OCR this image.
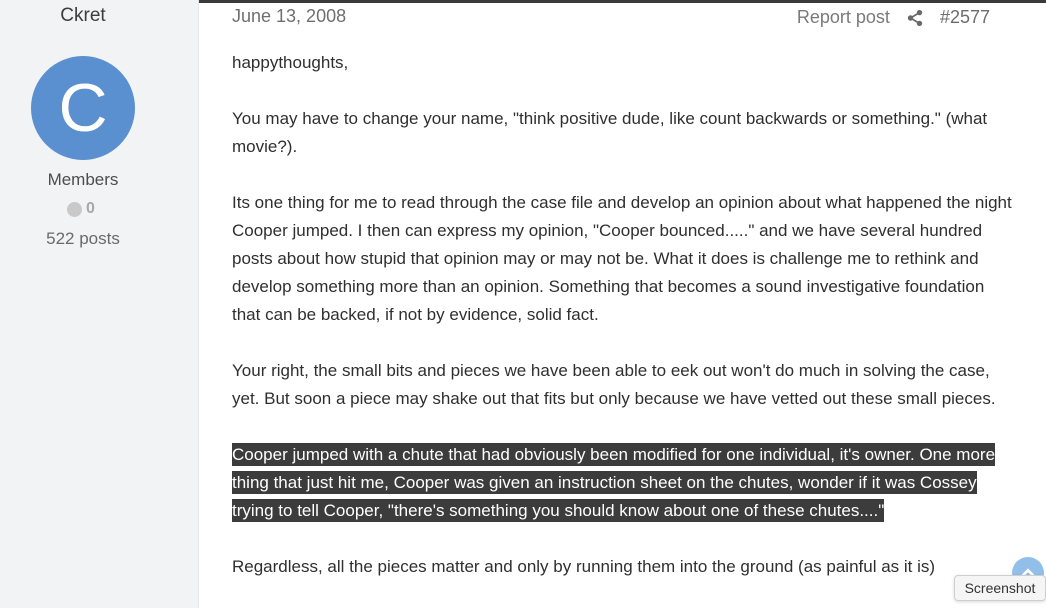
Ckret
C
Members
0
522 posts
June 13, 2008	Report post	#2577

happythoughts,

You may have to change your name, "think positive dude, like count backwards or something." (what movie?).

Its one thing for me to read through the case file and develop an opinion about what happened the night Cooper jumped. I then can express my opinion, "Cooper bounced....." and we have several hundred posts about how stupid that opinion may or may not be. What it does is challenge me to rethink and develop something more than an opinion. Something that becomes a sound investigative foundation that can be backed, if not by evidence, solid fact.

Your right, the small bits and pieces we have been able to eek out won't do much in solving the case, yet. But soon a piece may shake out that fits but only because we have vetted out these small pieces.

Cooper jumped with a chute that had obviously been modified for one individual, it's owner. One more thing that just hit me, Cooper was given an instruction sheet on the chutes, wonder if it was Cossey trying to tell Cooper, "there's something you should know about one of these chutes...."

Regardless, all the pieces matter and only by running them into the ground (as painful as it is)

Screenshot
